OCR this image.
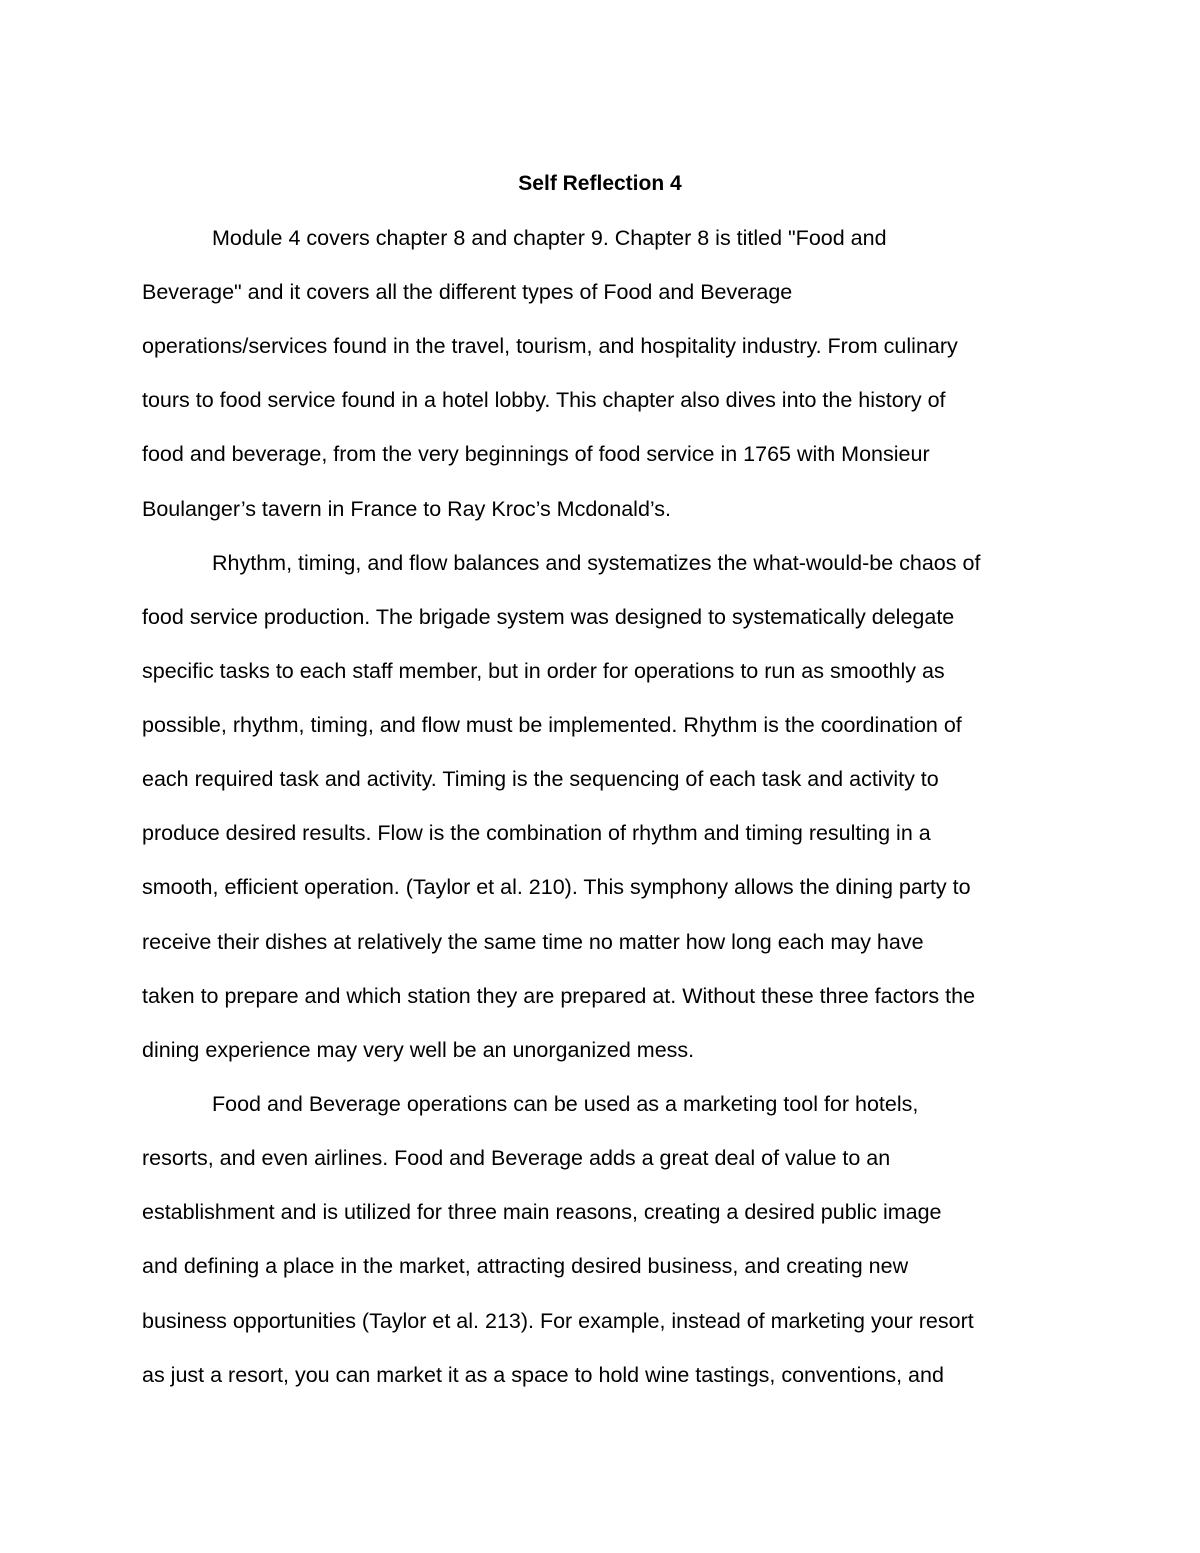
Self Reflection 4

Module 4 covers chapter 8 and chapter 9. Chapter 8 is titled "Food and

Beverage" and it covers all the different types of Food and Beverage

operations/services found in the travel, tourism, and hospitality industry. From culinary

tours to food service found in a hotel lobby. This chapter also dives into the history of

food and beverage, from the very beginnings of food service in 1765 with Monsieur

Boulanger’s tavern in France to Ray Kroc’s Mcdonald’s.

Rhythm, timing, and flow balances and systematizes the what-would-be chaos of

food service production. The brigade system was designed to systematically delegate

specific tasks to each staff member, but in order for operations to run as smoothly as

possible, rhythm, timing, and flow must be implemented. Rhythm is the coordination of

each required task and activity. Timing is the sequencing of each task and activity to

produce desired results. Flow is the combination of rhythm and timing resulting in a

smooth, efficient operation. (Taylor et al. 210). This symphony allows the dining party to

receive their dishes at relatively the same time no matter how long each may have

taken to prepare and which station they are prepared at. Without these three factors the

dining experience may very well be an unorganized mess.

Food and Beverage operations can be used as a marketing tool for hotels,

resorts, and even airlines. Food and Beverage adds a great deal of value to an

establishment and is utilized for three main reasons, creating a desired public image

and defining a place in the market, attracting desired business, and creating new

business opportunities (Taylor et al. 213). For example, instead of marketing your resort

as just a resort, you can market it as a space to hold wine tastings, conventions, and
